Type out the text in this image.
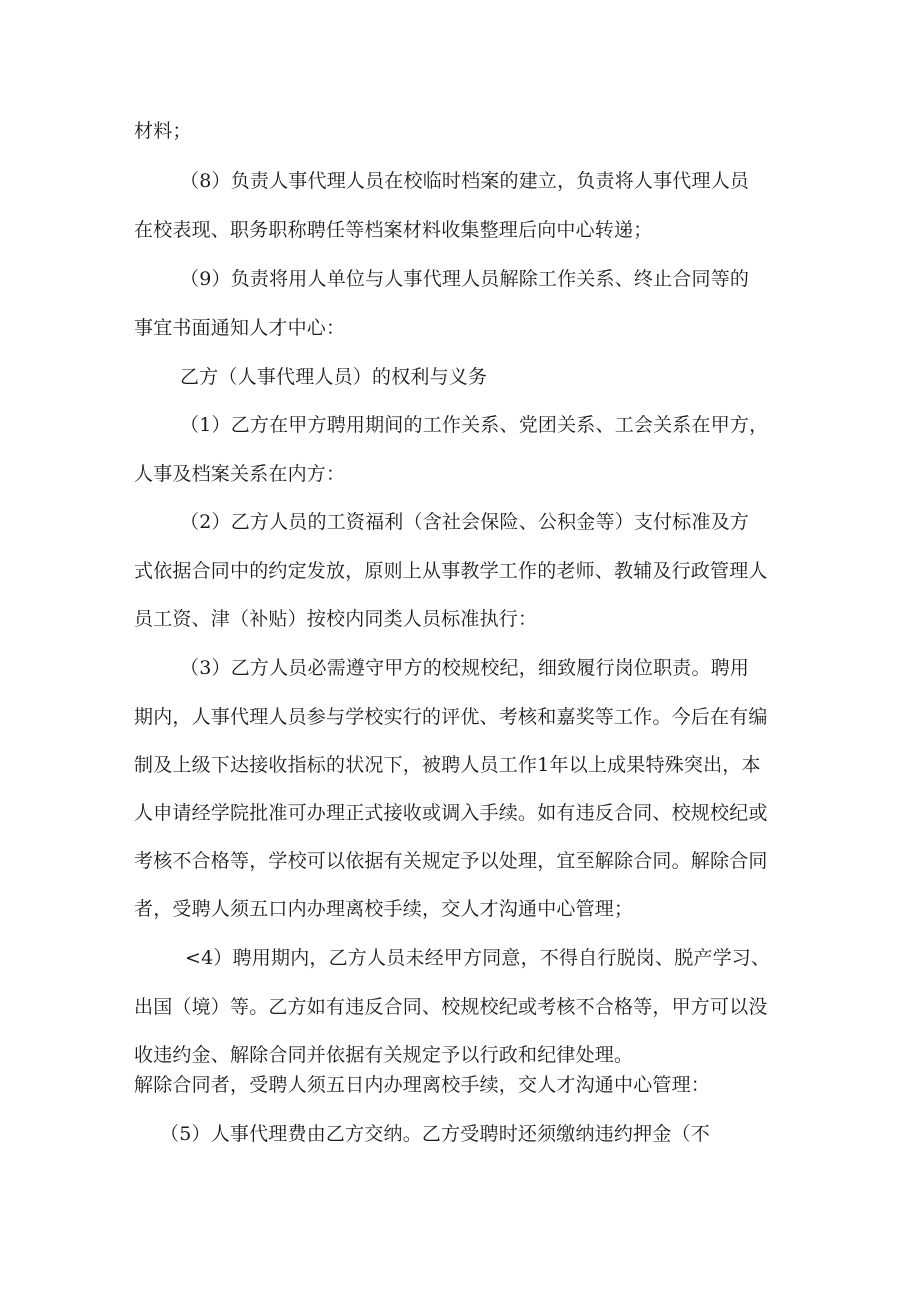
材料；
（8）负责人事代理人员在校临时档案的建立，负责将人事代理人员
在校表现、职务职称聘任等档案材料收集整理后向中心转递；
（9）负责将用人单位与人事代理人员解除工作关系、终止合同等的
事宜书面通知人才中心：
乙方（人事代理人员）的权利与义务
（1）乙方在甲方聘用期间的工作关系、党团关系、工会关系在甲方，
人事及档案关系在内方：
（2）乙方人员的工资福利（含社会保险、公积金等）支付标准及方
式依据合同中的约定发放，原则上从事教学工作的老师、教辅及行政管理人
员工资、津（补贴）按校内同类人员标准执行：
（3）乙方人员必需遵守甲方的校规校纪，细致履行岗位职责。聘用
期内，人事代理人员参与学校实行的评优、考核和嘉奖等工作。今后在有编
制及上级下达接收指标的状况下，被聘人员工作1年以上成果特殊突出，本
人申请经学院批准可办理正式接收或调入手续。如有违反合同、校规校纪或
考核不合格等，学校可以依据有关规定予以处理，宜至解除合同。解除合同
者，受聘人须五口内办理离校手续，交人才沟通中心管理；
<4）聘用期内，乙方人员未经甲方同意，不得自行脱岗、脱产学习、
出国（境）等。乙方如有违反合同、校规校纪或考核不合格等，甲方可以没
收违约金、解除合同并依据有关规定予以行政和纪律处理。
解除合同者，受聘人须五日内办理离校手续，交人才沟通中心管理：
（5）人事代理费由乙方交纳。乙方受聘时还须缴纳违约押金（不
